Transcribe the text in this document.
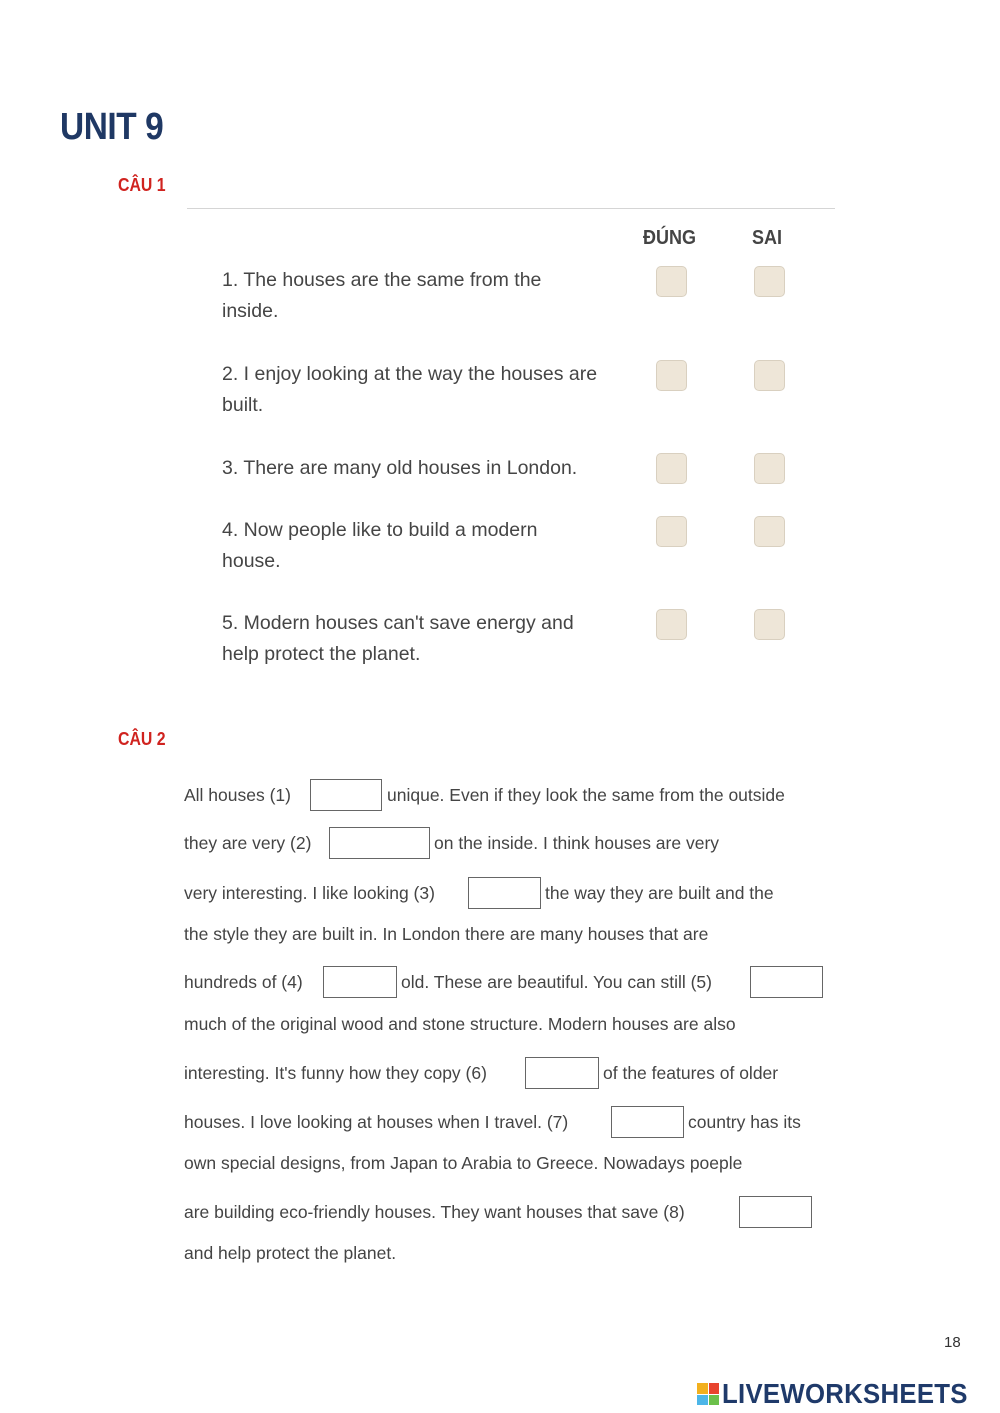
UNIT 9
CÂU 1
ĐÚNG	SAI
1. The houses are the same from the
inside.
2. I enjoy looking at the way the houses are
built.
3. There are many old houses in London.
4. Now people like to build a modern
house.
5. Modern houses can't save energy and
help protect the planet.
CÂU 2
All houses (1)	unique. Even if they look the same from the outside
they are very (2)	on the inside. I think houses are very
very interesting. I like looking (3)	the way they are built and the
the style they are built in. In London there are many houses that are
hundreds of (4)	old. These are beautiful. You can still (5)
much of the original wood and stone structure. Modern houses are also
interesting. It's funny how they copy (6)	of the features of older
houses. I love looking at houses when I travel. (7)	country has its
own special designs, from Japan to Arabia to Greece. Nowadays poeple
are building eco-friendly houses. They want houses that save (8)
and help protect the planet.
18
LIVEWORKSHEETS
